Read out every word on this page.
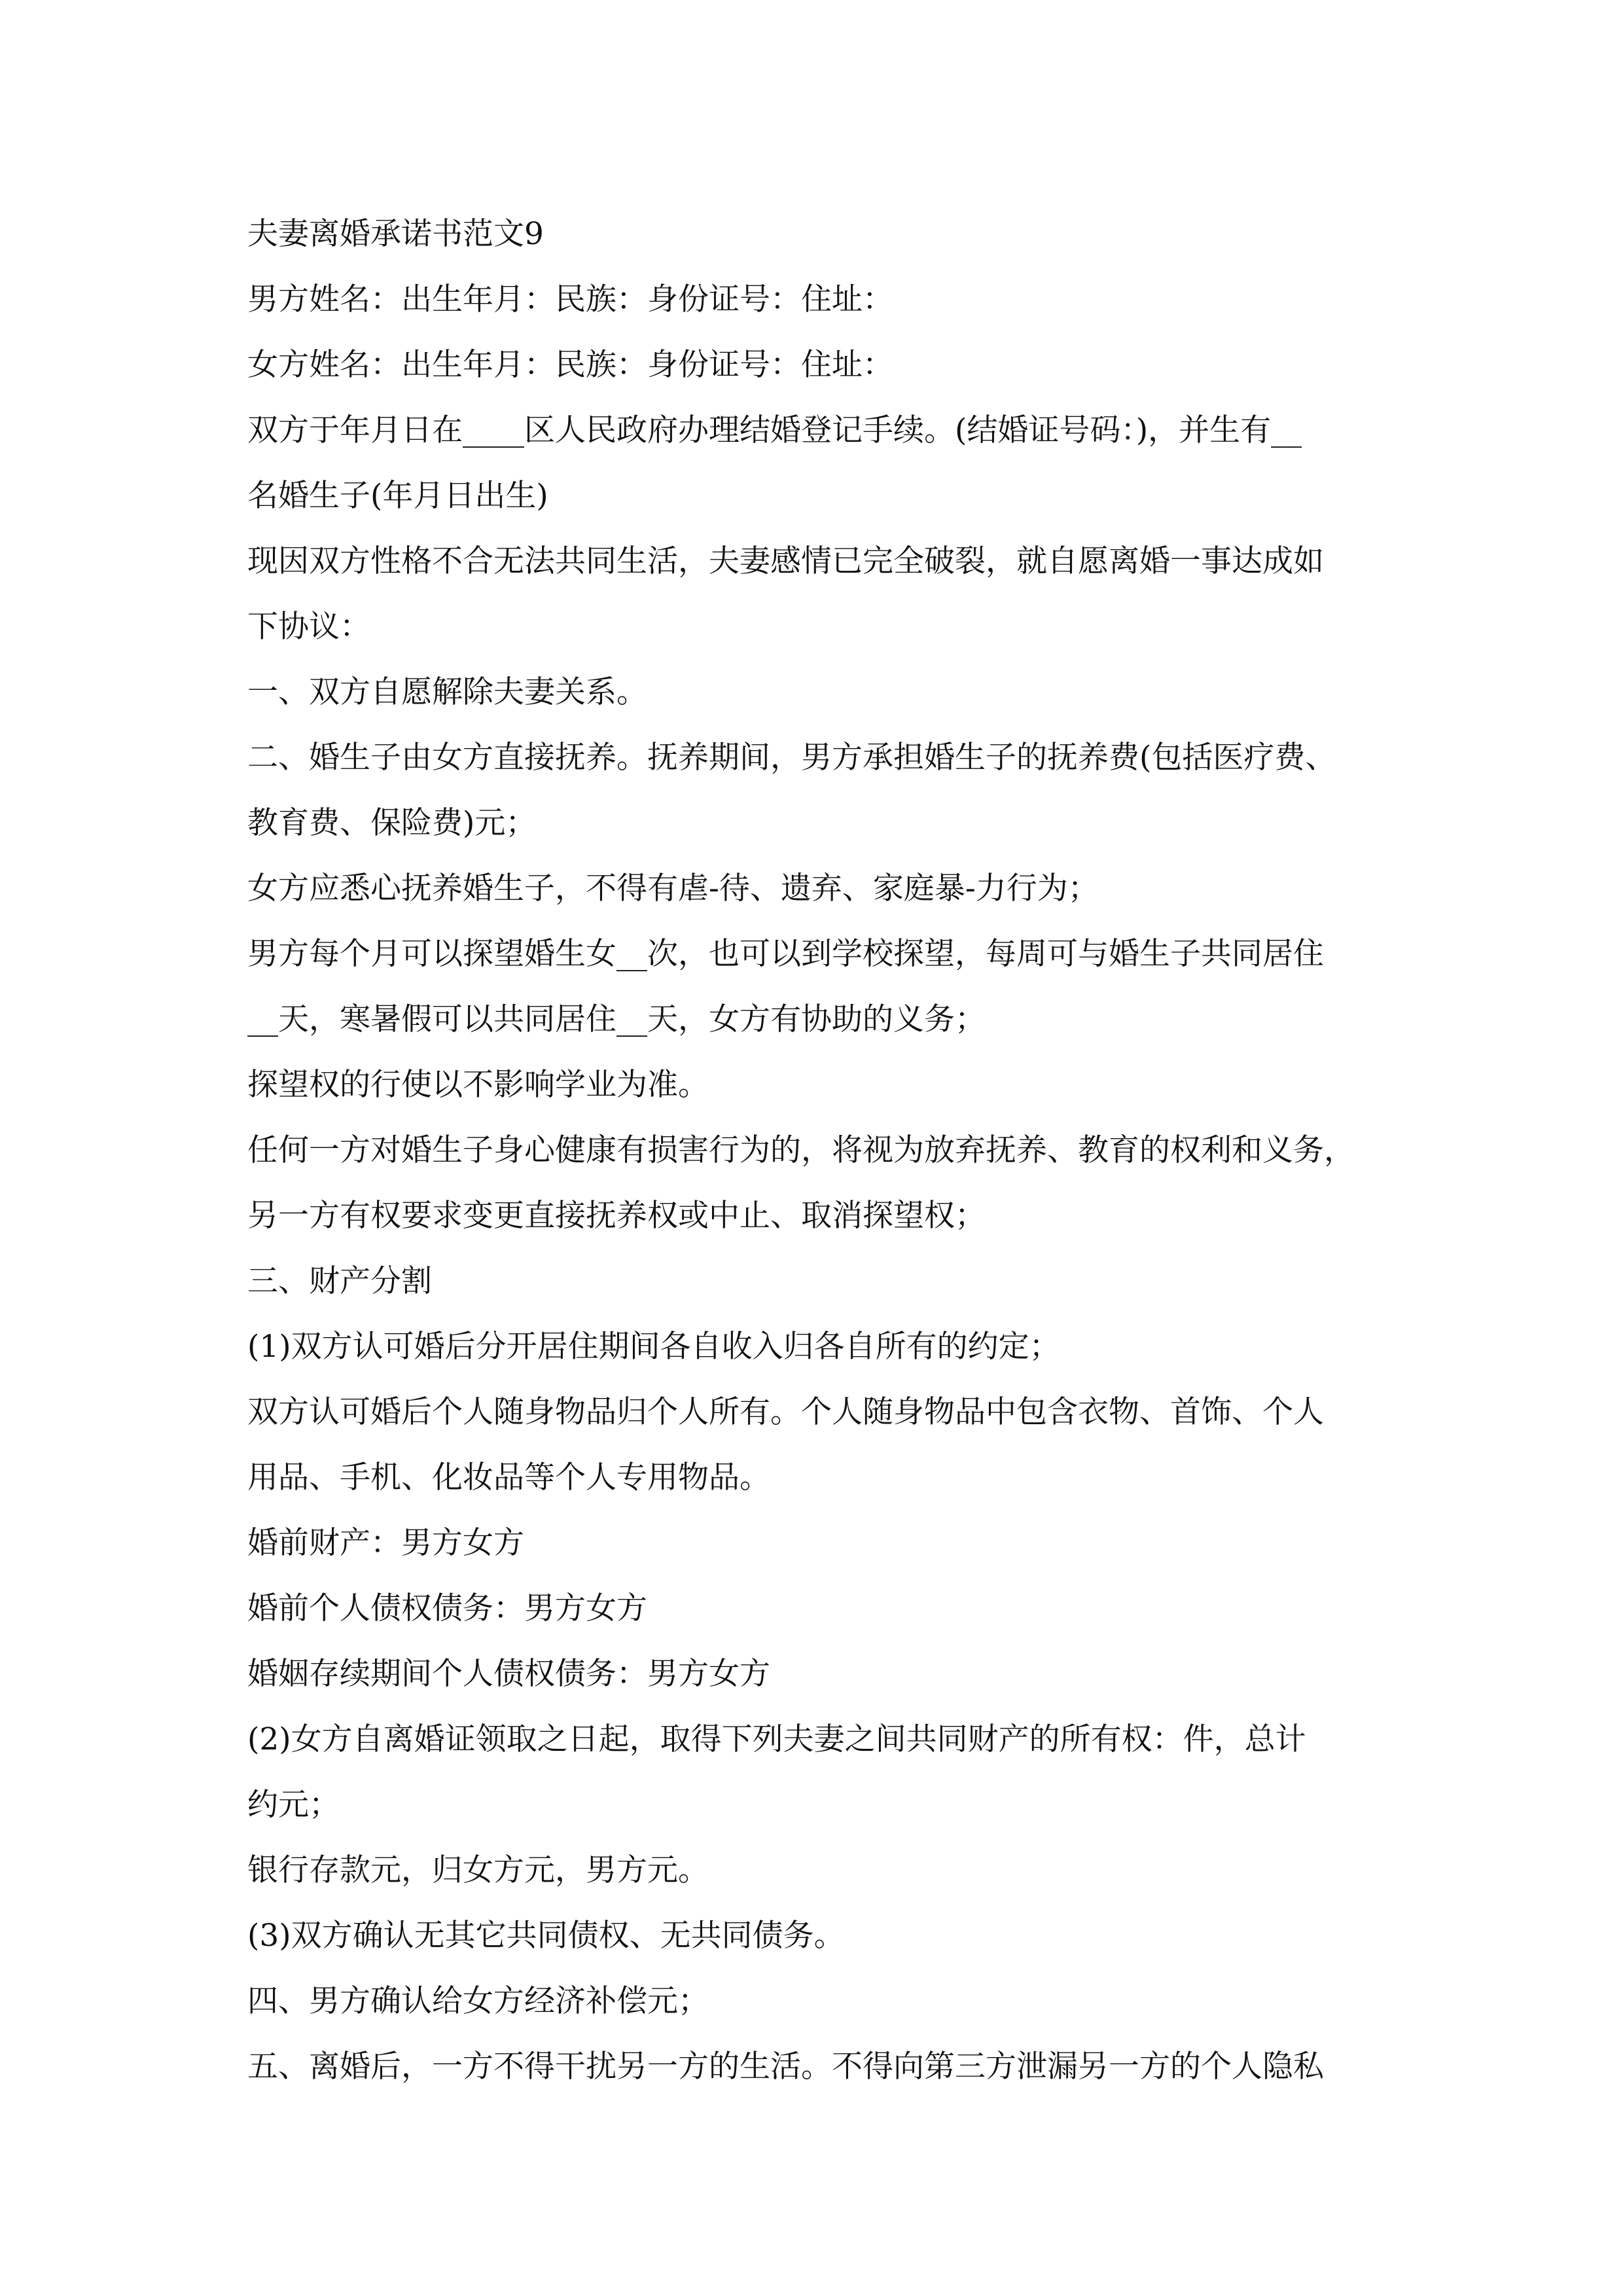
夫妻离婚承诺书范文9
男方姓名：出生年月：民族：身份证号：住址：
女方姓名：出生年月：民族：身份证号：住址：
双方于年月日在____区人民政府办理结婚登记手续。(结婚证号码：)，并生有__
名婚生子(年月日出生)
现因双方性格不合无法共同生活，夫妻感情已完全破裂，就自愿离婚一事达成如
下协议：
一、双方自愿解除夫妻关系。
二、婚生子由女方直接抚养。抚养期间，男方承担婚生子的抚养费(包括医疗费、
教育费、保险费)元；
女方应悉心抚养婚生子，不得有虐-待、遗弃、家庭暴-力行为；
男方每个月可以探望婚生女__次，也可以到学校探望，每周可与婚生子共同居住
__天，寒暑假可以共同居住__天，女方有协助的义务；
探望权的行使以不影响学业为准。
任何一方对婚生子身心健康有损害行为的，将视为放弃抚养、教育的权利和义务，
另一方有权要求变更直接抚养权或中止、取消探望权；
三、财产分割
(1)双方认可婚后分开居住期间各自收入归各自所有的约定；
双方认可婚后个人随身物品归个人所有。个人随身物品中包含衣物、首饰、个人
用品、手机、化妆品等个人专用物品。
婚前财产：男方女方
婚前个人债权债务：男方女方
婚姻存续期间个人债权债务：男方女方
(2)女方自离婚证领取之日起，取得下列夫妻之间共同财产的所有权：件，总计
约元；
银行存款元，归女方元，男方元。
(3)双方确认无其它共同债权、无共同债务。
四、男方确认给女方经济补偿元；
五、离婚后，一方不得干扰另一方的生活。不得向第三方泄漏另一方的个人隐私
